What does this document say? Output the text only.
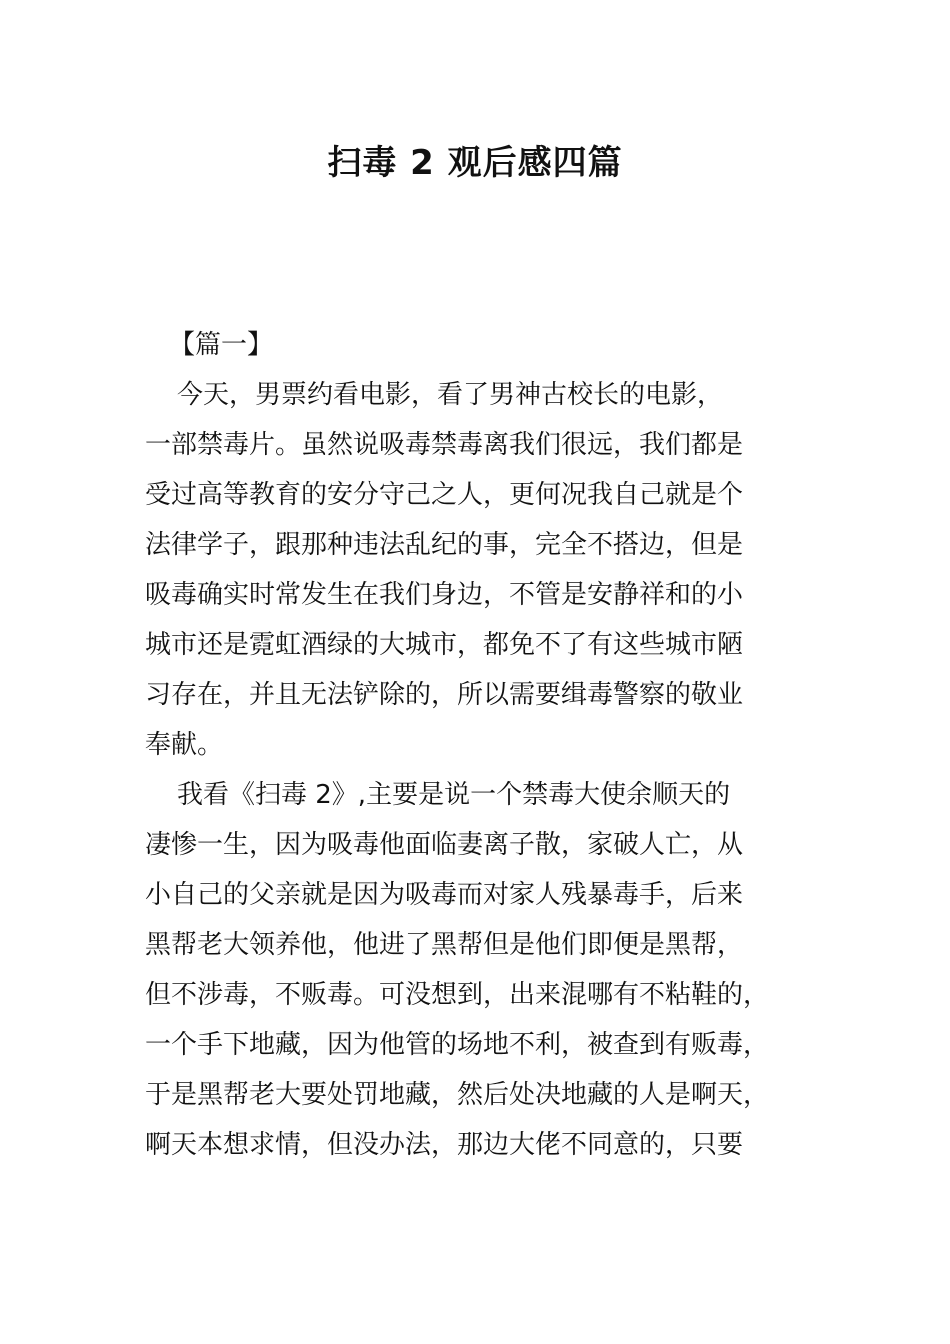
扫毒 2 观后感四篇
【篇一】
今天，男票约看电影，看了男神古校长的电影，
一部禁毒片。虽然说吸毒禁毒离我们很远，我们都是
受过高等教育的安分守己之人，更何况我自己就是个
法律学子，跟那种违法乱纪的事，完全不搭边，但是
吸毒确实时常发生在我们身边，不管是安静祥和的小
城市还是霓虹酒绿的大城市，都免不了有这些城市陋
习存在，并且无法铲除的，所以需要缉毒警察的敬业
奉献。
我看《扫毒 2》,主要是说一个禁毒大使余顺天的
凄惨一生，因为吸毒他面临妻离子散，家破人亡，从
小自己的父亲就是因为吸毒而对家人残暴毒手，后来
黑帮老大领养他，他进了黑帮但是他们即便是黑帮，
但不涉毒，不贩毒。可没想到，出来混哪有不粘鞋的，
一个手下地藏，因为他管的场地不利，被查到有贩毒，
于是黑帮老大要处罚地藏，然后处决地藏的人是啊天，
啊天本想求情，但没办法，那边大佬不同意的，只要
